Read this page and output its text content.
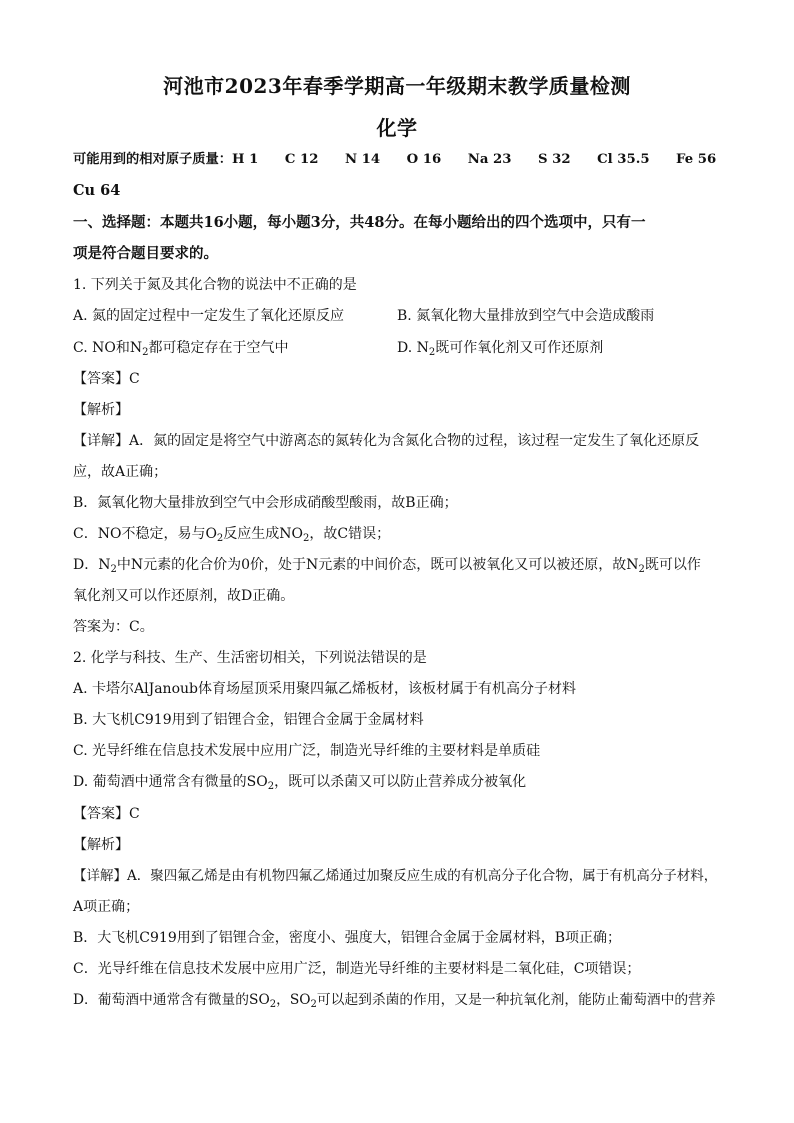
河池市2023年春季学期高一年级期末教学质量检测
化学
可能用到的相对原子质量：H 1　　C 12　　N 14　　O 16　　Na 23　　S 32　　Cl 35.5　　Fe 56
Cu 64
一、选择题：本题共16小题，每小题3分，共48分。在每小题给出的四个选项中，只有一
项是符合题目要求的。
1. 下列关于氮及其化合物的说法中不正确的是
A. 氮的固定过程中一定发生了氧化还原反应	B. 氮氧化物大量排放到空气中会造成酸雨
C. NO和$N_2$都可稳定存在于空气中	D. $N_2$既可作氧化剂又可作还原剂
【答案】C
【解析】
【详解】A．氮的固定是将空气中游离态的氮转化为含氮化合物的过程，该过程一定发生了氧化还原反
应，故A正确；
B．氮氧化物大量排放到空气中会形成硝酸型酸雨，故B正确；
C．NO不稳定，易与$O_2$反应生成$NO_2$，故C错误；
D．$N_2$中N元素的化合价为0价，处于N元素的中间价态，既可以被氧化又可以被还原，故$N_2$既可以作
氧化剂又可以作还原剂，故D正确。
答案为：C。
2. 化学与科技、生产、生活密切相关，下列说法错误的是
A. 卡塔尔AlJanoub体育场屋顶采用聚四氟乙烯板材，该板材属于有机高分子材料
B. 大飞机C919用到了铝锂合金，铝锂合金属于金属材料
C. 光导纤维在信息技术发展中应用广泛，制造光导纤维的主要材料是单质硅
D. 葡萄酒中通常含有微量的$SO_2$，既可以杀菌又可以防止营养成分被氧化
【答案】C
【解析】
【详解】A．聚四氟乙烯是由有机物四氟乙烯通过加聚反应生成的有机高分子化合物，属于有机高分子材料，
A项正确；
B．大飞机C919用到了铝锂合金，密度小、强度大，铝锂合金属于金属材料，B项正确；
C．光导纤维在信息技术发展中应用广泛，制造光导纤维的主要材料是二氧化硅，C项错误；
D．葡萄酒中通常含有微量的$SO_2$，$SO_2$可以起到杀菌的作用，又是一种抗氧化剂，能防止葡萄酒中的营养
